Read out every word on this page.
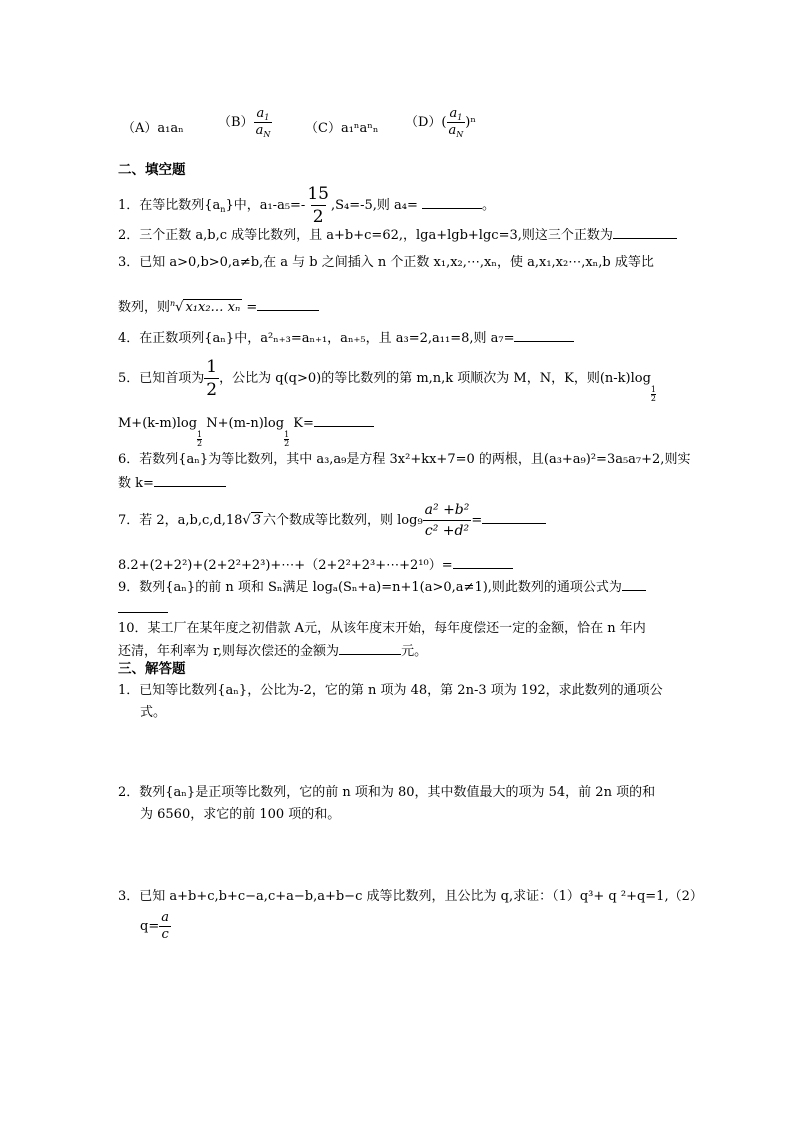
（A）a₁aₙ	$(B) \frac{a_1}{a_N}$	（C）a₁ⁿaⁿₙ $(D)( \frac{a_1}{a_N} )^n$
二、填空题
1．在等比数列$\{a_n\}$中，$a_1-a_5=- \frac{15}{2} ,S_4=-5$,则 a₄=	。
2．三个正数 a,b,c 成等比数列，且 a+b+c=62,，lga+lgb+lgc=3,则这三个正数为
3．已知 a>0,b>0,a≠b,在 a 与 b 之间插入 n 个正数 x₁,x₂,⋯,xₙ，使 a,x₁,x₂⋯,xₙ,b 成等比
数列，则$^n$√ x₁x₂… xₙ =
4．在正数项列{aₙ}中，a²ₙ₊₃=aₙ₊₁，aₙ₊₅，且 a₃=2,a₁₁=8,则 a₇=
5．已知首项为 $\frac{1}{2}$ ，公比为 q(q>0)的等比数列的第 m,n,k 项顺次为 M，N，K，则(n-k)log
$\frac{1}{2}$
M+(k-m)log
$\frac{1}{2}$
N+(m-n)log
$\frac{1}{2}$
K=
6．若数列{aₙ}为等比数列，其中 a₃,a₉是方程 3x²+kx+7=0 的两根，且(a₃+a₉)²=3a₅a₇+2,则实
数 k=
7．若 2，a,b,c,d,18√ 3 六个数成等比数列，则 $\log_9 \frac{\text{a² +b²}}{\text{c² +d²}}$ =
8.2+(2+2²)+(2+2²+2³)+⋯+（2+2²+2³+⋯+2¹⁰）=
9．数列{aₙ}的前 n 项和 Sₙ满足 logₐ(Sₙ+a)=n+1(a>0,a≠1),则此数列的通项公式为
10．某工厂在某年度之初借款 A元，从该年度末开始，每年度偿还一定的金额，恰在 n 年内
还清，年利率为 r,则每次偿还的金额为	元。
三、解答题
1．已知等比数列{aₙ}，公比为-2，它的第 n 项为 48，第 2n-3 项为 192，求此数列的通项公
式。
2．数列{aₙ}是正项等比数列，它的前 n 项和为 80，其中数值最大的项为 54，前 2n 项的和
为 6560，求它的前 100 项的和。
3．已知 a+b+c,b+c−a,c+a−b,a+b−c 成等比数列，且公比为 q,求证：（1）q³+ q ²+q=1,（2）
$q= \frac{a}{c}$
